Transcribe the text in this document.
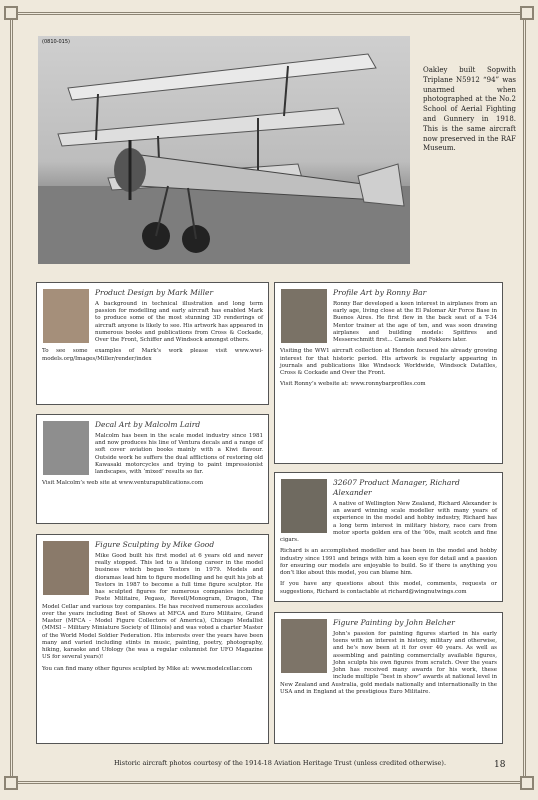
(0810-015)
Oakley built Sopwith Triplane N5912 “94” was unarmed when photographed at the No.2 School of Aerial Fighting and Gunnery in 1918. This is the same aircraft now preserved in the RAF Museum.
Product Design by Mark Miller

A background in technical illustration and long term passion for modelling and early aircraft has enabled Mark to produce some of the most stunning 3D renderings of aircraft anyone is likely to see. His artwork has appeared in numerous books and publications from Cross & Cockade, Over the Front, Schiffer and Windsock amongst others.

To see some examples of Mark’s work please visit www.wwi-models.org/Images/Miller/render/index

Profile Art by Ronny Bar

Ronny Bar developed a keen interest in airplanes from an early age, living close at the El Palomar Air Force Base in Buenos Aires. He first flew in the back seat of a T-34 Mentor trainer at the age of ten, and was soon drawing airplanes and building models: Spitfires and Messerschmitt first... Camels and Fokkers later.

Visiting the WW1 aircraft collection at Hendon focused his already growing interest for that historic period. His artwork is regularly appearing in journals and publications like Windsock Worldwide, Windsock Datafiles, Cross & Cockade and Over the Front.

Visit Ronny’s website at: www.ronnybarprofiles.com

Decal Art by Malcolm Laird

Malcolm has been in the scale model industry since 1981 and now produces his line of Ventura decals and a range of soft cover aviation books mainly with a Kiwi flavour. Outside work he suffers the dual afflictions of restoring old Kawasaki motorcycles and trying to paint impressionist landscapes, with ‘mixed’ results so far.

Visit Malcolm’s web site at www.venturapublications.com	32607 Product Manager, Richard Alexander

A native of Wellington New Zealand, Richard Alexander is an award winning scale modeller with many years of experience in the model and hobby industry, Richard has a long term interest in military history, race cars from motor sports golden era of the ‘60s, malt scotch and fine cigars.

Richard is an accomplished modeller and has been in the model and hobby industry since 1991 and brings with him a keen eye for detail and a passion for ensuring our models are enjoyable to build. So if there is anything you don’t like about this model, you can blame him.

If you have any questions about this model, comments, requests or suggestions, Richard is contactable at richard@wingnutwings.com

Figure Sculpting by Mike Good

Mike Good built his first model at 6 years old and never really stopped. This led to a lifelong career in the model business which began Testors in 1979. Models and dioramas lead him to figure modelling and he quit his job at Testors in 1987 to become a full time figure sculptor. He has sculpted figures for numerous companies including Poste Militaire, Pegaso, Revell/Monogram, Dragon, The Model Cellar and various toy companies. He has received numerous accolades over the years including Best of Shows at MFCA and Euro Militaire, Grand Master (MFCA - Model Figure Collectors of America), Chicago Medallist (MMSI – Military Miniature Society of Illinois) and was voted a charter Master of the World Model Soldier Federation. His interests over the years have been many and varied including stints in music, painting, poetry, photography, hiking, karaoke and Ufology (he was a regular columnist for UFO Magazine US for several years)!

You can find many other figures sculpted by Mike at: www.modelcellar.com

Figure Painting by John Belcher

John’s passion for painting figures started in his early teens with an interest in history, military and otherwise, and he’s now been at it for over 40 years. As well as assembling and painting commercially available figures, John sculpts his own figures from scratch. Over the years John has received many awards for his work, these include multiple “best in show” awards at national level in New Zealand and Australia, gold medals nationally and internationally in the USA and in England at the prestigious Euro Militaire.

Historic aircraft photos courtesy of the 1914-18 Aviation Heritage Trust (unless credited otherwise).	18
